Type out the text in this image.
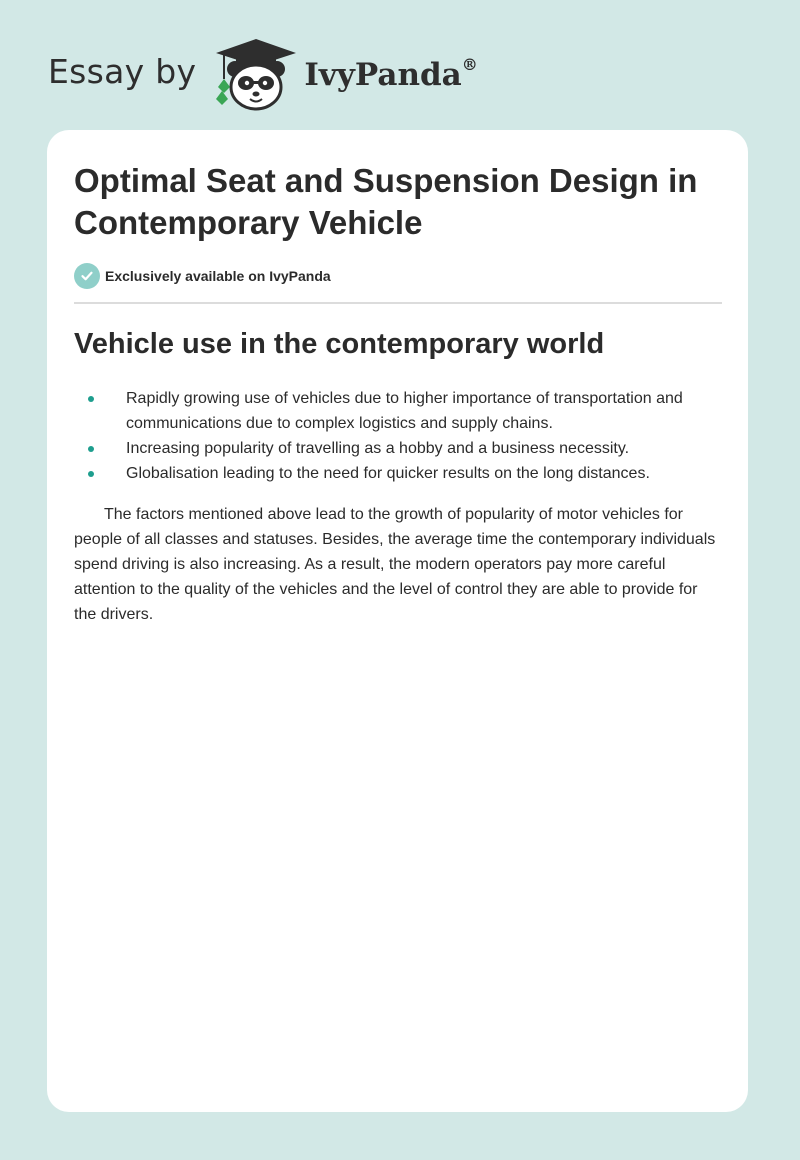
Essay by	IvyPanda®
Optimal Seat and Suspension Design in Contemporary Vehicle
Exclusively available on IvyPanda
Vehicle use in the contemporary world
Rapidly growing use of vehicles due to higher importance of transportation and communications due to complex logistics and supply chains.
Increasing popularity of travelling as a hobby and a business necessity.
Globalisation leading to the need for quicker results on the long distances.

The factors mentioned above lead to the growth of popularity of motor vehicles for people of all classes and statuses. Besides, the average time the contemporary individuals spend driving is also increasing. As a result, the modern operators pay more careful attention to the quality of the vehicles and the level of control they are able to provide for the drivers.
